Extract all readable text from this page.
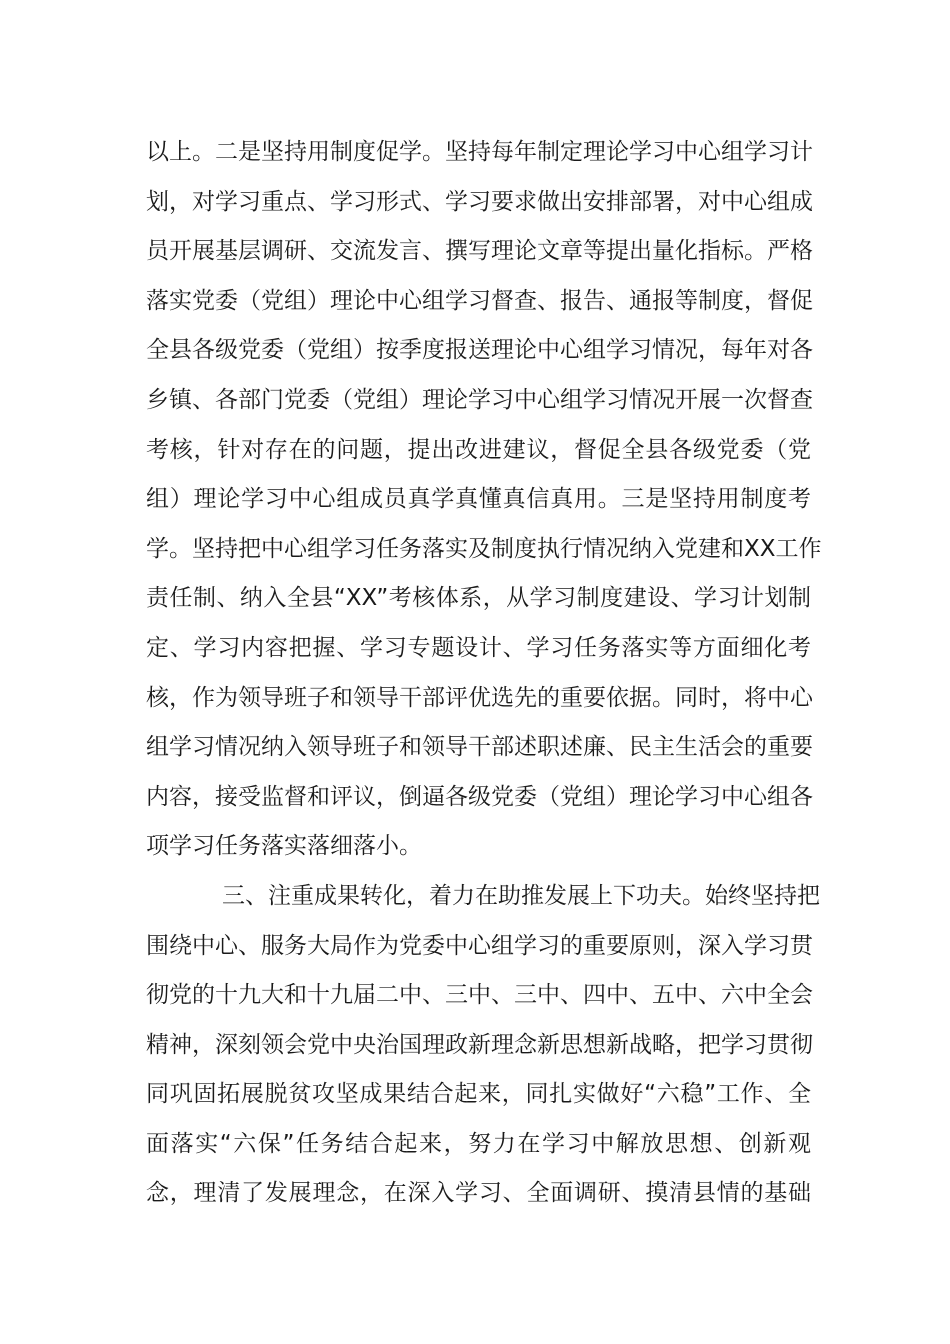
以上。二是坚持用制度促学。坚持每年制定理论学习中心组学习计
划，对学习重点、学习形式、学习要求做出安排部署，对中心组成
员开展基层调研、交流发言、撰写理论文章等提出量化指标。严格
落实党委（党组）理论中心组学习督查、报告、通报等制度，督促
全县各级党委（党组）按季度报送理论中心组学习情况，每年对各
乡镇、各部门党委（党组）理论学习中心组学习情况开展一次督查
考核，针对存在的问题，提出改进建议，督促全县各级党委（党
组）理论学习中心组成员真学真懂真信真用。三是坚持用制度考
学。坚持把中心组学习任务落实及制度执行情况纳入党建和XX工作
责任制、纳入全县“XX”考核体系，从学习制度建设、学习计划制
定、学习内容把握、学习专题设计、学习任务落实等方面细化考
核，作为领导班子和领导干部评优选先的重要依据。同时，将中心
组学习情况纳入领导班子和领导干部述职述廉、民主生活会的重要
内容，接受监督和评议，倒逼各级党委（党组）理论学习中心组各
项学习任务落实落细落小。
三、注重成果转化，着力在助推发展上下功夫。始终坚持把
围绕中心、服务大局作为党委中心组学习的重要原则，深入学习贯
彻党的十九大和十九届二中、三中、三中、四中、五中、六中全会
精神，深刻领会党中央治国理政新理念新思想新战略，把学习贯彻
同巩固拓展脱贫攻坚成果结合起来，同扎实做好“六稳”工作、全
面落实“六保”任务结合起来，努力在学习中解放思想、创新观
念，理清了发展理念，在深入学习、全面调研、摸清县情的基础
